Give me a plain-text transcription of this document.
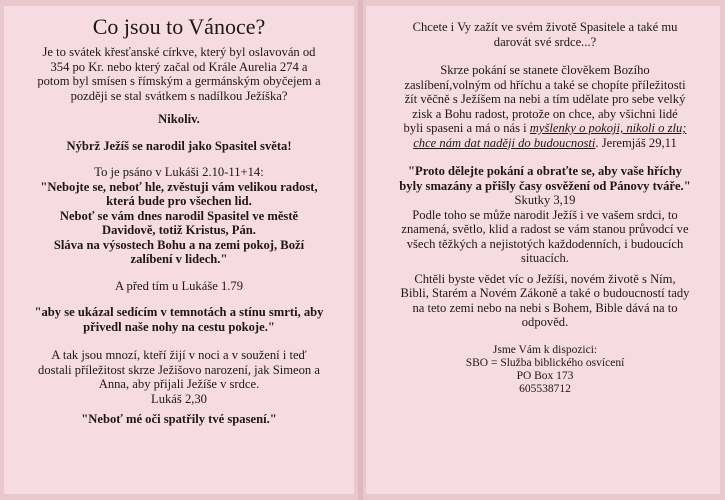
Co jsou to Vánoce?

Je to svátek křesťanské církve, který byl oslavován od

354 po Kr. nebo který začal od Krále Aurelia 274 a

potom byl smísen s římským a germánským obyčejem a

později se stal svátkem s nadílkou Ježíška?

Nikoliv.

Nýbrž Ježíš se narodil jako Spasitel světa!

To je psáno v Lukáši 2.10-11+14:

"Nebojte se, neboť hle, zvěstuji vám velikou radost,

která bude pro všechen lid.

Neboť se vám dnes narodil Spasitel ve městě

Davidově, totiž Kristus, Pán.

Sláva na výsostech Bohu a na zemi pokoj, Boží

zalíbení v lidech."

A před tím u Lukáše 1.79

"aby se ukázal sedícím v temnotách a stínu smrti, aby

přivedl naše nohy na cestu pokoje."

A tak jsou mnozí, kteří žijí v noci a v soužení i teď

dostali příležitost skrze Ježišovo narození, jak Simeon a

Anna, aby přijali Ježíše v srdce.

Lukáš 2,30

"Neboť mé oči spatřily tvé spasení."

Chcete i Vy zažít ve svém životě Spasitele a také mu

darovát své srdce...?

Skrze pokání se stanete člověkem Bozího

zaslíbení,volným od hříchu a také se chopíte příležitosti

žít věčně s Ježíšem na nebi a tím udělate pro sebe velký

zisk a Bohu radost, protože on chce, aby všichni lidé

byli spaseni a má o nás i myšlenky o pokoji, nikoli o zlu;

chce nám dat naději do budoucnosti. Jeremjáš 29,11

"Proto dělejte pokání a obraťte se, aby vaše hříchy

byly smazány a přišly časy osvěžení od Pánovy tváře."

Skutky 3,19

Podle toho se může narodit Ježíš i ve vašem srdci, to

znamená, světlo, klid a radost se vám stanou průvodcí ve

všech těžkých a nejistotých každodenních, i budoucích

situacích.

Chtěli byste vědet víc o Ježíši, novém životě s Ním,

Bibli, Starém a Novém Zákoně a také o budoucností tady

na teto zemi nebo na nebi s Bohem, Bible dává na to

odpověd.

Jsme Vám k dispozici:

SBO = Služba biblického osvícení

PO Box 173

605538712
